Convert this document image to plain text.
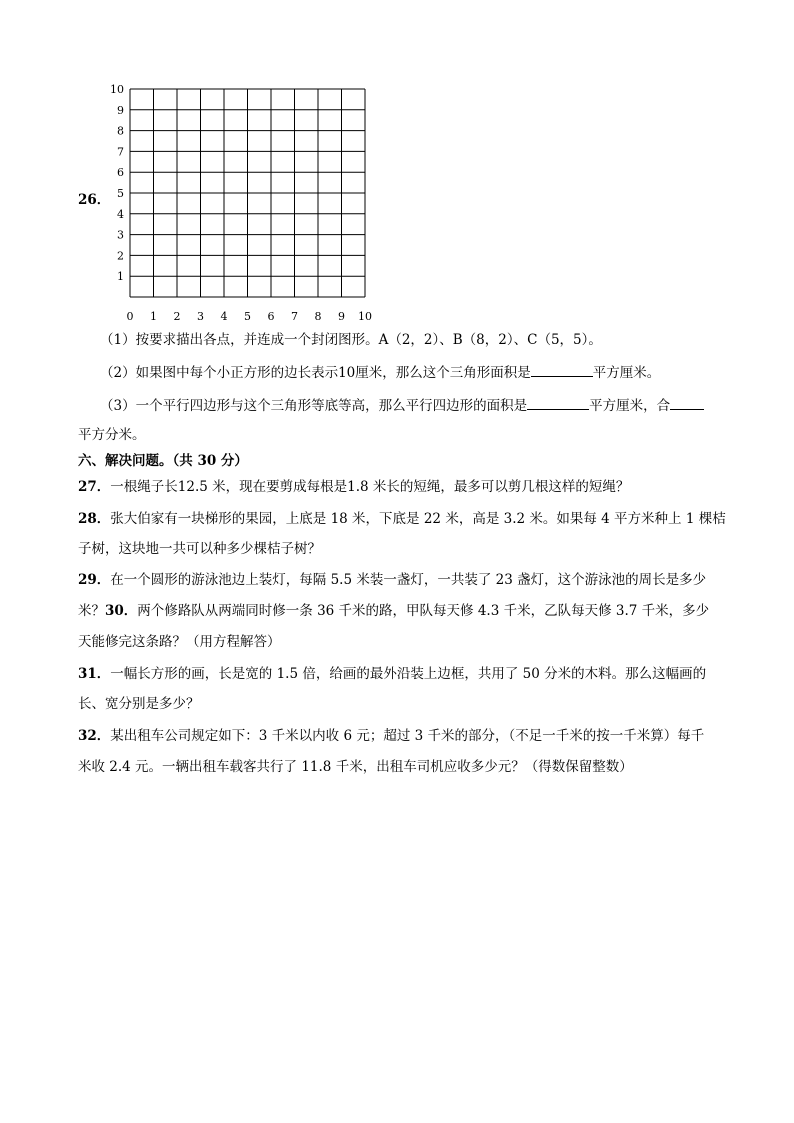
26．
10
9
8
7
6
5
4
3
2
1
0 1 2 3 4 5 6 7 8 9 10
（1）按要求描出各点，并连成一个封闭图形。A（2，2）、B（8，2）、C（5，5）。
（2）如果图中每个小正方形的边长表示10厘米，那么这个三角形面积是	平方厘米。
（3）一个平行四边形与这个三角形等底等高，那么平行四边形的面积是	平方厘米，合
平方分米。
六、解决问题。（共 30 分）
27．一根绳子长12.5 米，现在要剪成每根是1.8 米长的短绳，最多可以剪几根这样的短绳？
28．张大伯家有一块梯形的果园，上底是 18 米，下底是 22 米，高是 3.2 米。如果每 4 平方米种上 1 棵桔
子树，这块地一共可以种多少棵桔子树？
29．在一个圆形的游泳池边上装灯，每隔 5.5 米装一盏灯，一共装了 23 盏灯，这个游泳池的周长是多少
米？30．两个修路队从两端同时修一条 36 千米的路，甲队每天修 4.3 千米，乙队每天修 3.7 千米，多少
天能修完这条路？（用方程解答）
31．一幅长方形的画，长是宽的 1.5 倍，给画的最外沿装上边框，共用了 50 分米的木料。那么这幅画的
长、宽分别是多少？
32．某出租车公司规定如下：3 千米以内收 6 元；超过 3 千米的部分，（不足一千米的按一千米算）每千
米收 2.4 元。一辆出租车载客共行了 11.8 千米，出租车司机应收多少元？（得数保留整数）
